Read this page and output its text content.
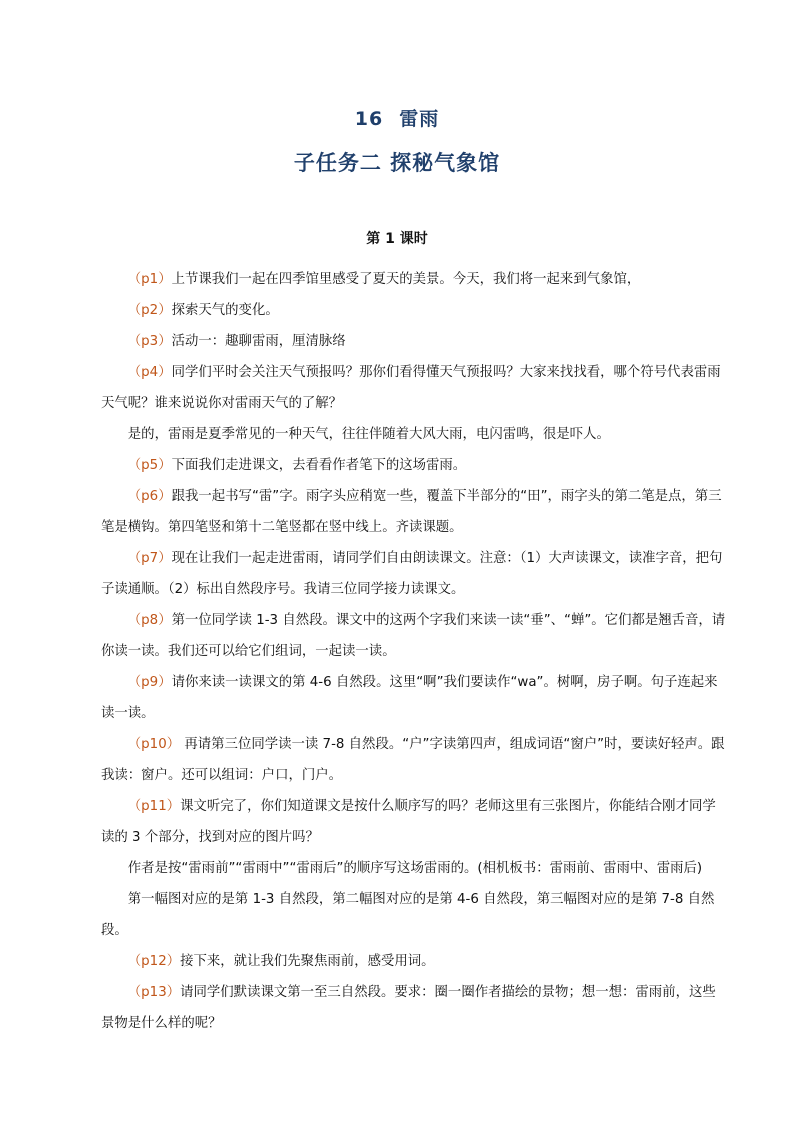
16 雷雨
子任务二 探秘气象馆
第 1 课时

（p1）上节课我们一起在四季馆里感受了夏天的美景。今天，我们将一起来到气象馆，

（p2）探索天气的变化。

（p3）活动一：趣聊雷雨，厘清脉络

（p4）同学们平时会关注天气预报吗？那你们看得懂天气预报吗？大家来找找看，哪个符号代表雷雨天气呢？谁来说说你对雷雨天气的了解？

是的，雷雨是夏季常见的一种天气，往往伴随着大风大雨，电闪雷鸣，很是吓人。

（p5）下面我们走进课文，去看看作者笔下的这场雷雨。

（p6）跟我一起书写“雷”字。雨字头应稍宽一些，覆盖下半部分的“田”，雨字头的第二笔是点，第三笔是横钩。第四笔竖和第十二笔竖都在竖中线上。齐读课题。

（p7）现在让我们一起走进雷雨，请同学们自由朗读课文。注意：（1）大声读课文，读准字音，把句子读通顺。（2）标出自然段序号。我请三位同学接力读课文。

（p8）第一位同学读 1-3 自然段。课文中的这两个字我们来读一读“垂”、“蝉”。它们都是翘舌音，请你读一读。我们还可以给它们组词，一起读一读。

（p9）请你来读一读课文的第 4-6 自然段。这里“啊”我们要读作“wa”。树啊，房子啊。句子连起来读一读。

（p10） 再请第三位同学读一读 7-8 自然段。“户”字读第四声，组成词语“窗户”时，要读好轻声。跟我读：窗户。还可以组词：户口，门户。

（p11）课文听完了，你们知道课文是按什么顺序写的吗？老师这里有三张图片，你能结合刚才同学读的 3 个部分，找到对应的图片吗？

作者是按“雷雨前”“雷雨中”“雷雨后”的顺序写这场雷雨的。(相机板书：雷雨前、雷雨中、雷雨后)

第一幅图对应的是第 1-3 自然段，第二幅图对应的是第 4-6 自然段，第三幅图对应的是第 7-8 自然段。

（p12）接下来，就让我们先聚焦雨前，感受用词。

（p13）请同学们默读课文第一至三自然段。要求：圈一圈作者描绘的景物；想一想：雷雨前，这些景物是什么样的呢？
